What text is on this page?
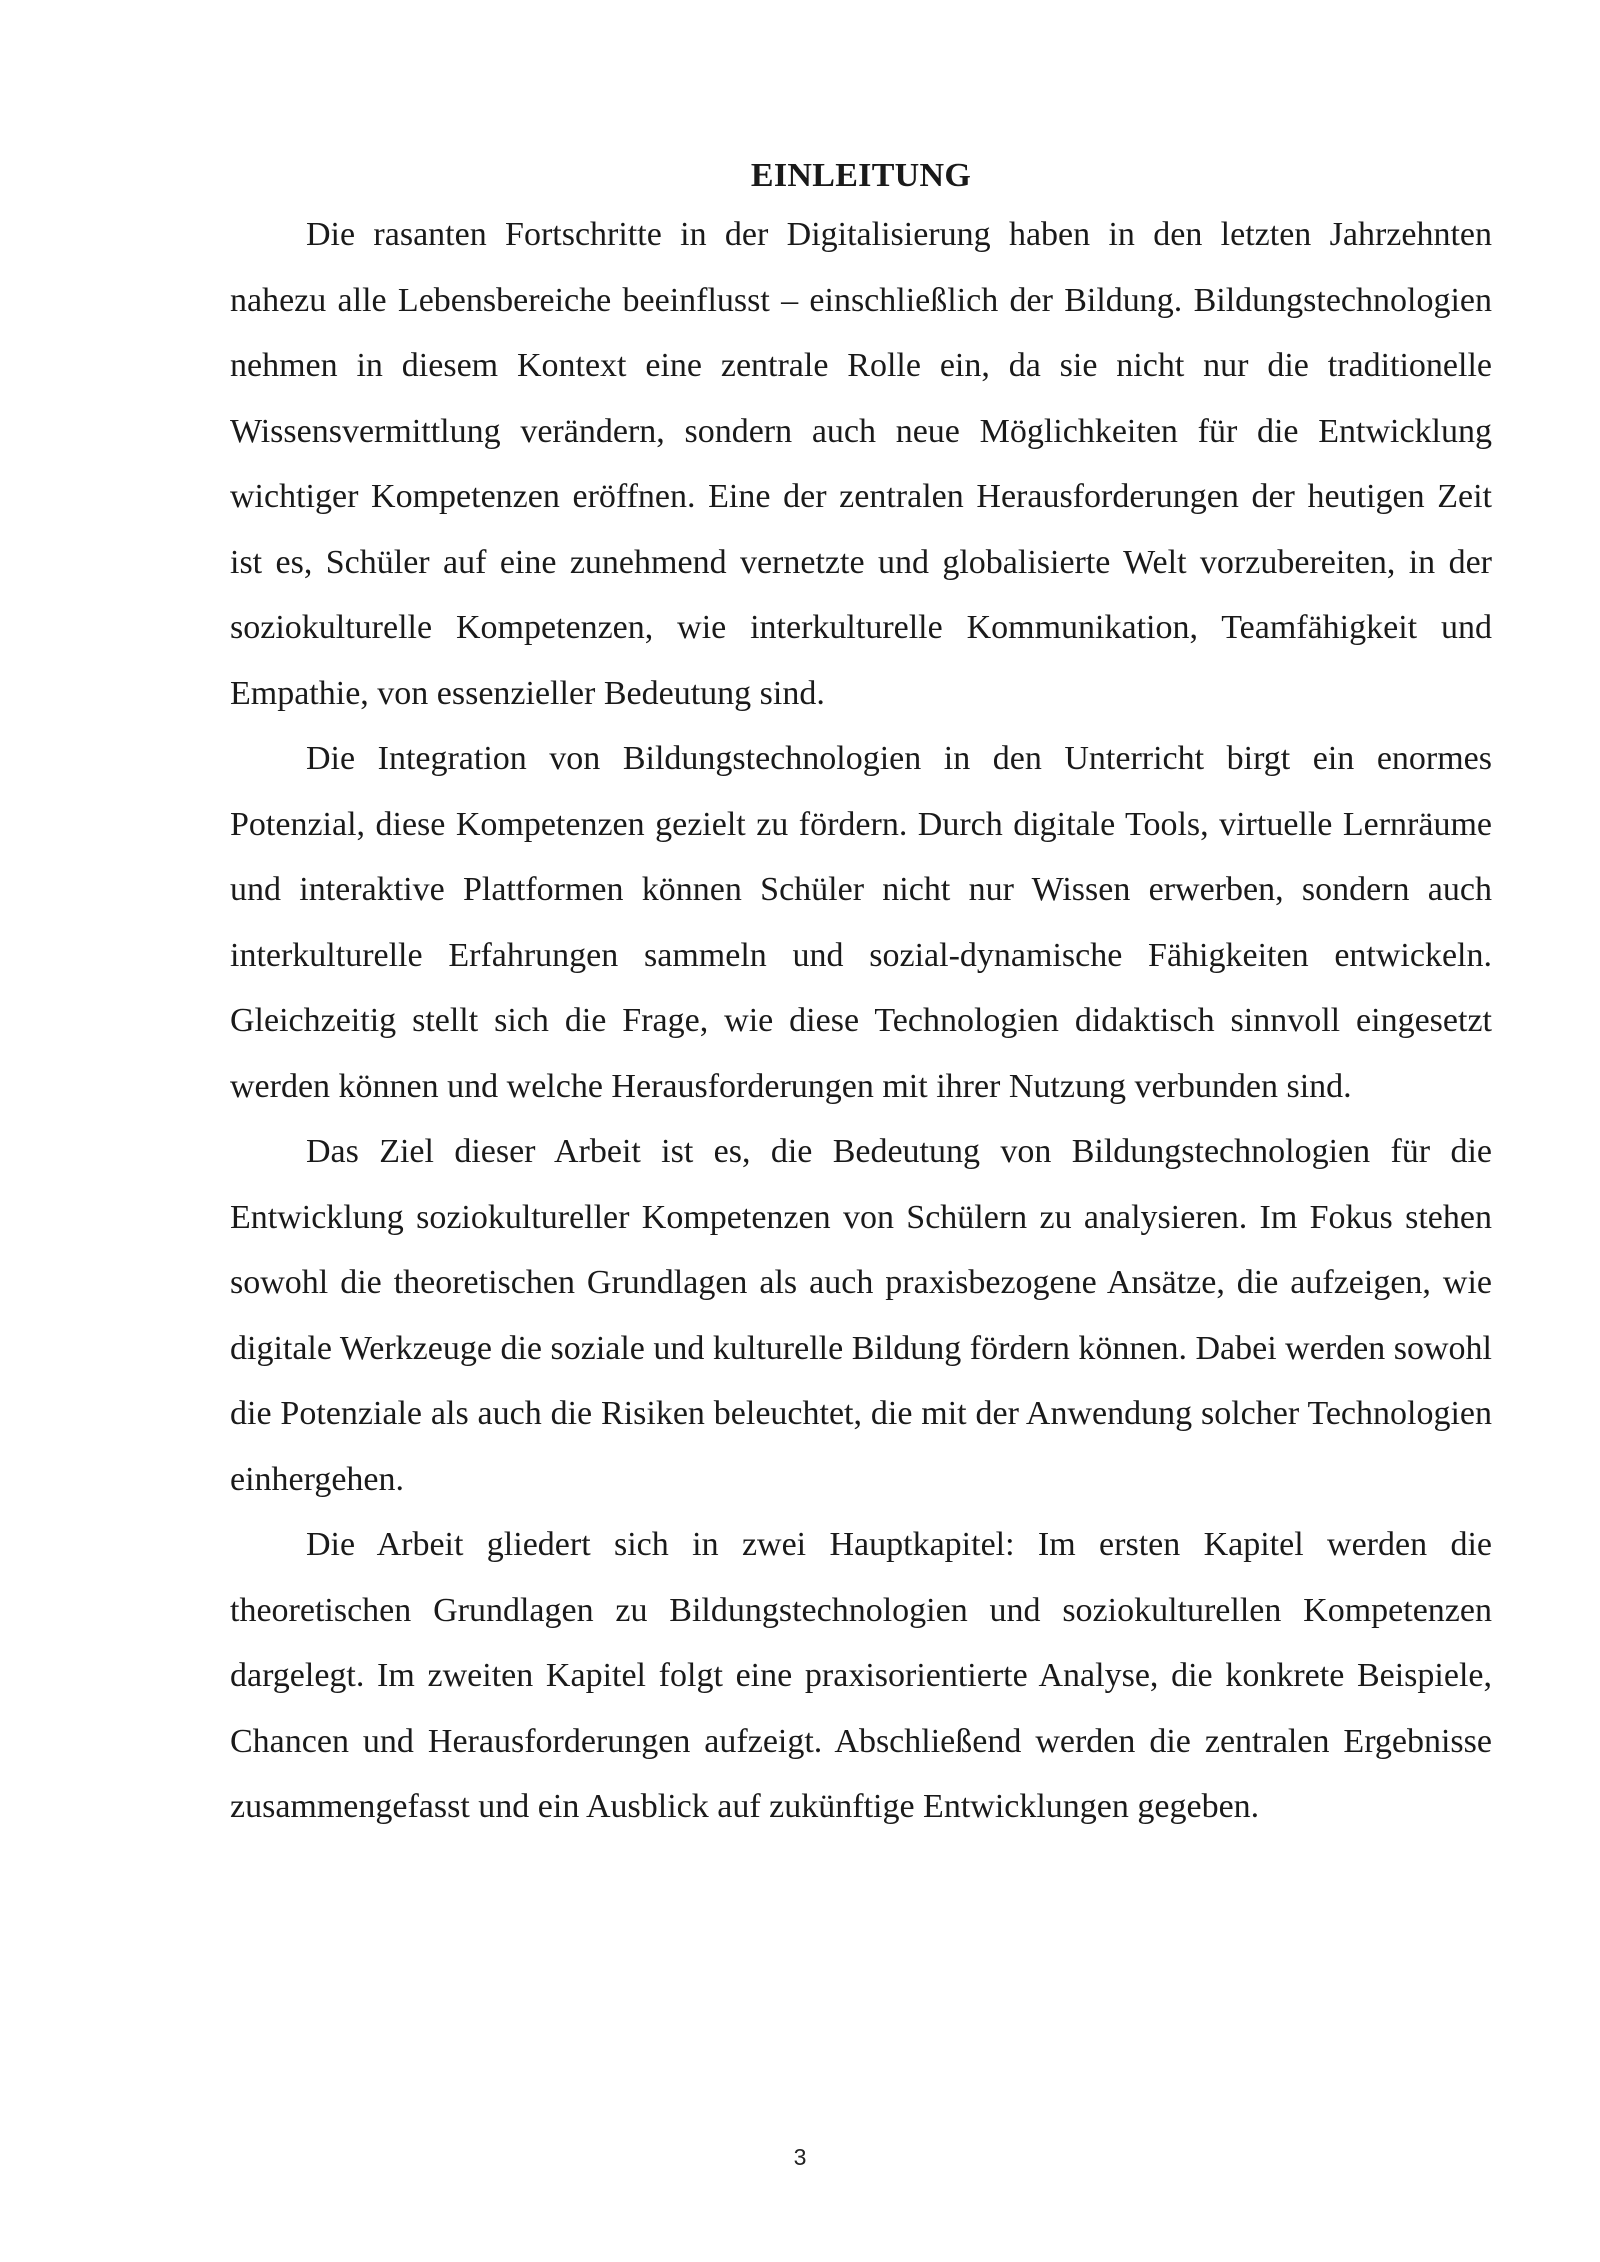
EINLEITUNG

Die rasanten Fortschritte in der Digitalisierung haben in den letzten Jahrzehnten nahezu alle Lebensbereiche beeinflusst – einschließlich der Bildung. Bildungstechnologien nehmen in diesem Kontext eine zentrale Rolle ein, da sie nicht nur die traditionelle Wissensvermittlung verändern, sondern auch neue Möglichkeiten für die Entwicklung wichtiger Kompetenzen eröffnen. Eine der zentralen Herausforderungen der heutigen Zeit ist es, Schüler auf eine zunehmend vernetzte und globalisierte Welt vorzubereiten, in der soziokulturelle Kompetenzen, wie interkulturelle Kommunikation, Teamfähigkeit und Empathie, von essenzieller Bedeutung sind.

Die Integration von Bildungstechnologien in den Unterricht birgt ein enormes Potenzial, diese Kompetenzen gezielt zu fördern. Durch digitale Tools, virtuelle Lernräume und interaktive Plattformen können Schüler nicht nur Wissen erwerben, sondern auch interkulturelle Erfahrungen sammeln und sozial-dynamische Fähigkeiten entwickeln. Gleichzeitig stellt sich die Frage, wie diese Technologien didaktisch sinnvoll eingesetzt werden können und welche Herausforderungen mit ihrer Nutzung verbunden sind.

Das Ziel dieser Arbeit ist es, die Bedeutung von Bildungstechnologien für die Entwicklung soziokultureller Kompetenzen von Schülern zu analysieren. Im Fokus stehen sowohl die theoretischen Grundlagen als auch praxisbezogene Ansätze, die aufzeigen, wie digitale Werkzeuge die soziale und kulturelle Bildung fördern können. Dabei werden sowohl die Potenziale als auch die Risiken beleuchtet, die mit der Anwendung solcher Technologien einhergehen.

Die Arbeit gliedert sich in zwei Hauptkapitel: Im ersten Kapitel werden die theoretischen Grundlagen zu Bildungstechnologien und soziokulturellen Kompetenzen dargelegt. Im zweiten Kapitel folgt eine praxisorientierte Analyse, die konkrete Beispiele, Chancen und Herausforderungen aufzeigt. Abschließend werden die zentralen Ergebnisse zusammengefasst und ein Ausblick auf zukünftige Entwicklungen gegeben.

3
